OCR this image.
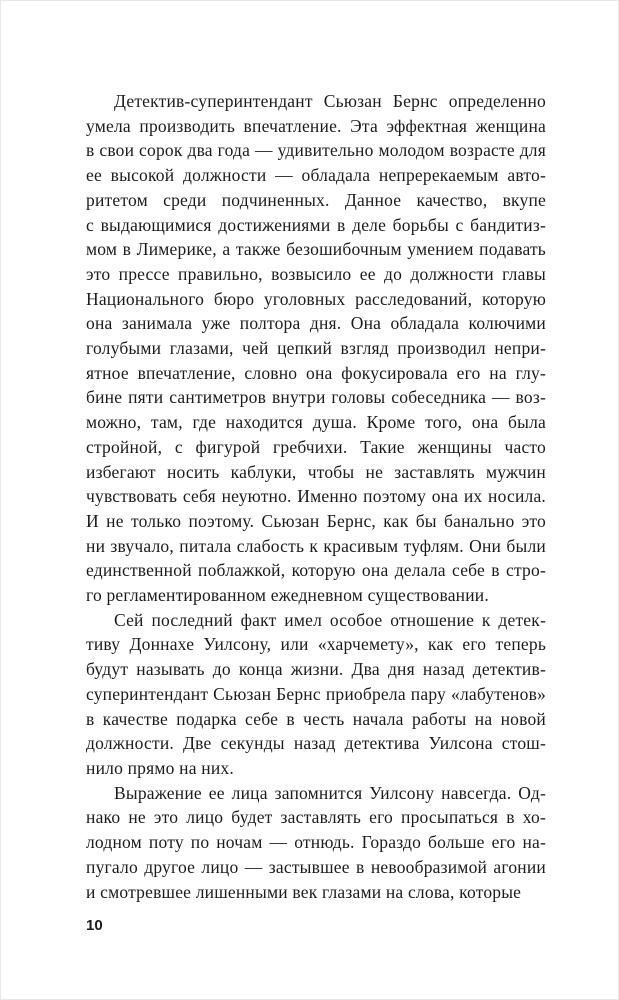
Детектив-суперинтендант Сьюзан Бернс определенно
умела производить впечатление. Эта эффектная женщина
в свои сорок два года — удивительно молодом возрасте для
ее высокой должности — обладала непререкаемым авто-
ритетом среди подчиненных. Данное качество, вкупе
с выдающимися достижениями в деле борьбы с бандитиз-
мом в Лимерике, а также безошибочным умением подавать
это прессе правильно, возвысило ее до должности главы
Национального бюро уголовных расследований, которую
она занимала уже полтора дня. Она обладала колючими
голубыми глазами, чей цепкий взгляд производил непри-
ятное впечатление, словно она фокусировала его на глу-
бине пяти сантиметров внутри головы собеседника — воз-
можно, там, где находится душа. Кроме того, она была
стройной, с фигурой гребчихи. Такие женщины часто
избегают носить каблуки, чтобы не заставлять мужчин
чувствовать себя неуютно. Именно поэтому она их носила.
И не только поэтому. Сьюзан Бернс, как бы банально это
ни звучало, питала слабость к красивым туфлям. Они были
единственной поблажкой, которую она делала себе в стро-
го регламентированном ежедневном существовании.
Сей последний факт имел особое отношение к детек-
тиву Доннахе Уилсону, или «харчемету», как его теперь
будут называть до конца жизни. Два дня назад детектив-
суперинтендант Сьюзан Бернс приобрела пару «лабутенов»
в качестве подарка себе в честь начала работы на новой
должности. Две секунды назад детектива Уилсона стош-
нило прямо на них.
Выражение ее лица запомнится Уилсону навсегда. Од-
нако не это лицо будет заставлять его просыпаться в хо-
лодном поту по ночам — отнюдь. Гораздо больше его на-
пугало другое лицо — застывшее в невообразимой агонии
и смотревшее лишенными век глазами на слова, которые
10
